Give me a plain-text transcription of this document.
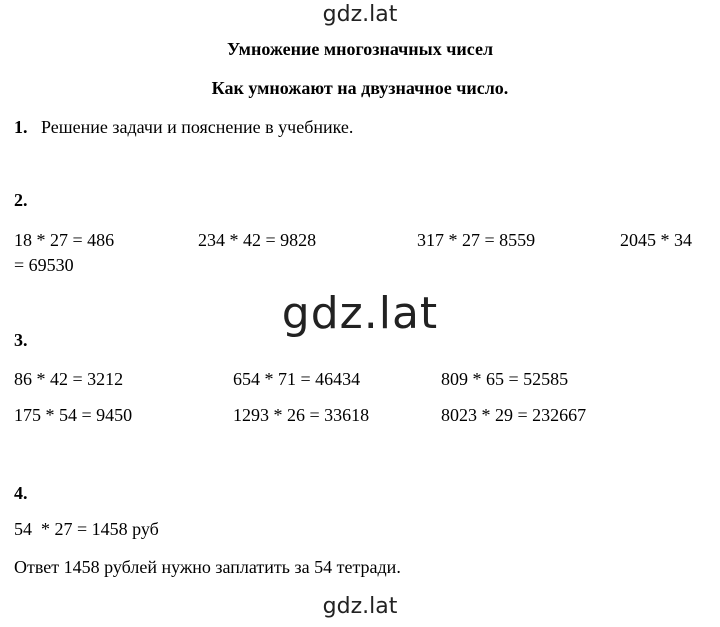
gdz.lat
Умножение многозначных чисел
Как умножают на двузначное число.
1. Решение задачи и пояснение в учебнике.
2.
18 * 27 = 486	234 * 42 = 9828	317 * 27 = 8559	2045 * 34
= 69530
gdz.lat
3.
86 * 42 = 3212	654 * 71 = 46434	809 * 65 = 52585
175 * 54 = 9450	1293 * 26 = 33618	8023 * 29 = 232667
4.
54  * 27 = 1458 руб
Ответ 1458 рублей нужно заплатить за 54 тетради.
gdz.lat
